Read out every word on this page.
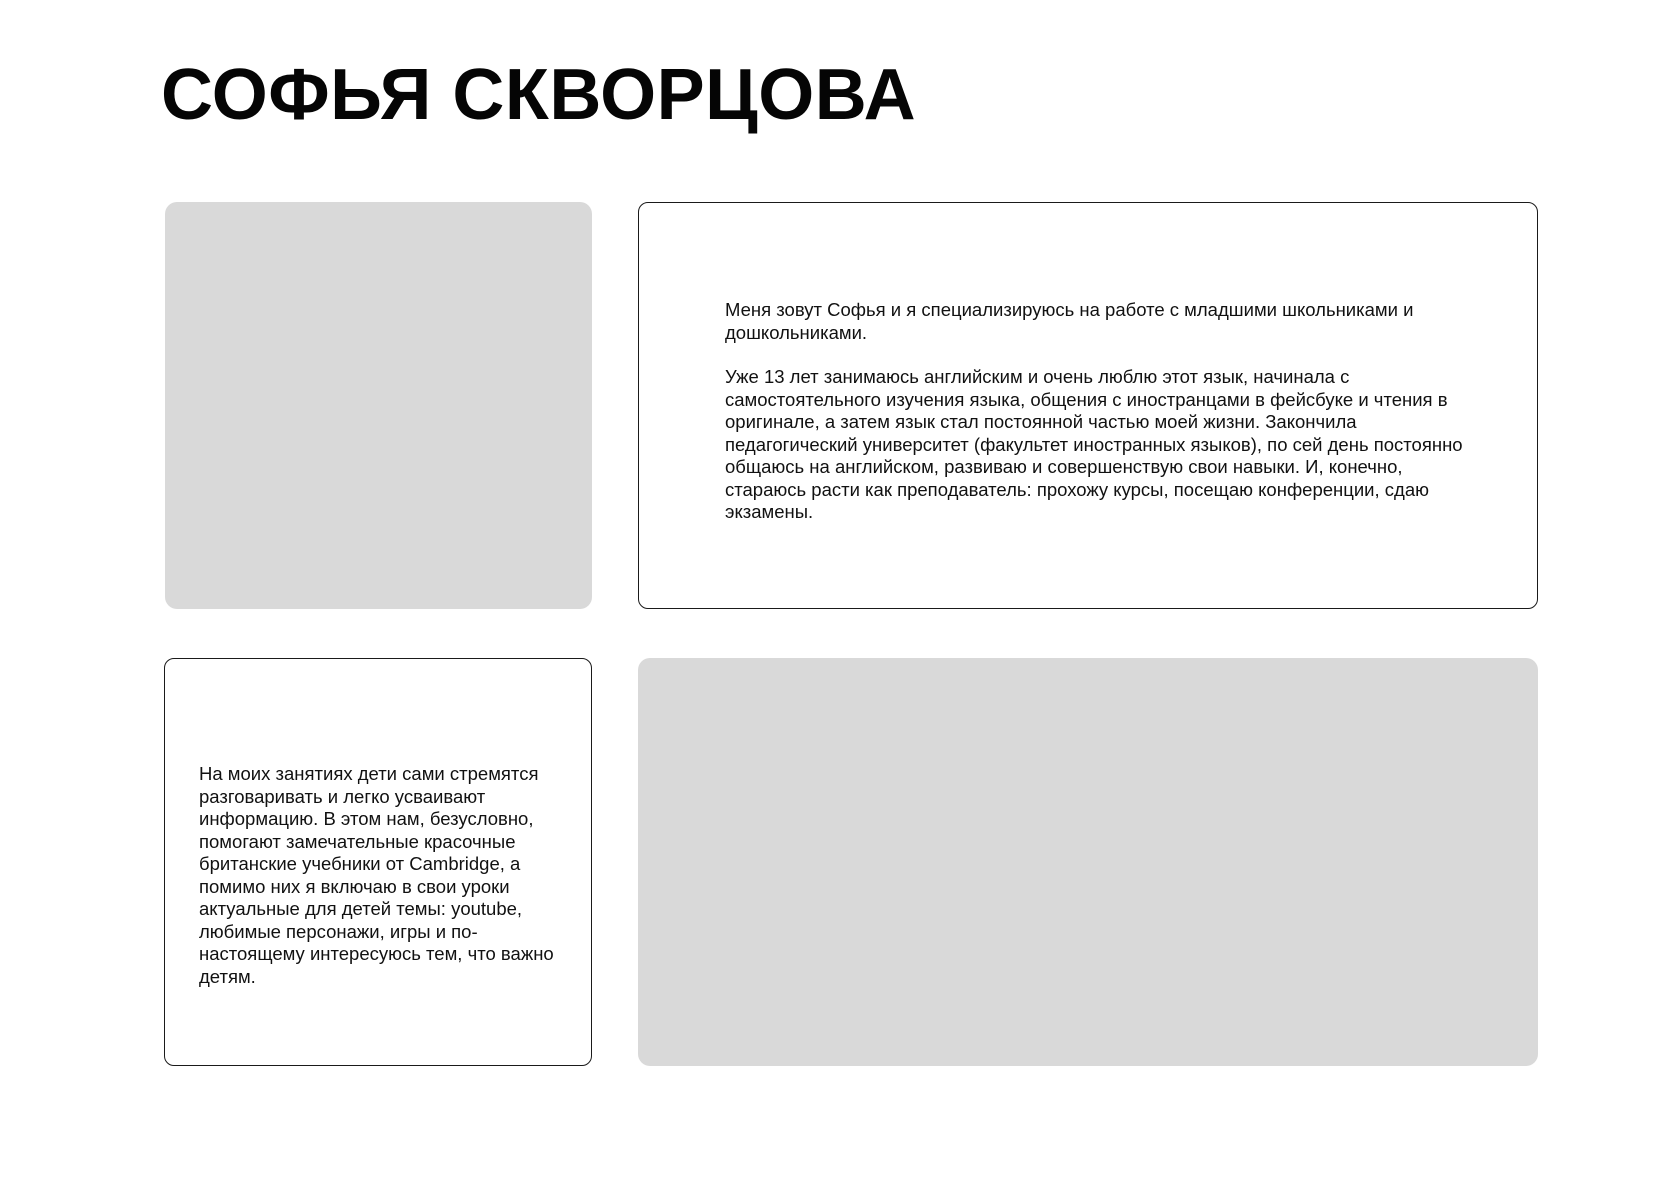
СОФЬЯ СКВОРЦОВА

Меня зовут Софья и я специализируюсь на работе с младшими школьниками и дошкольниками.

Уже 13 лет занимаюсь английским и очень люблю этот язык, начинала с самостоятельного изучения языка, общения с иностранцами в фейсбуке и чтения в оригинале, а затем язык стал постоянной частью моей жизни. Закончила педагогический университет (факультет иностранных языков), по сей день постоянно общаюсь на английском, развиваю и совершенствую свои навыки. И, конечно, стараюсь расти как преподаватель: прохожу курсы, посещаю конференции, сдаю экзамены.

На моих занятиях дети сами стремятся разговаривать и легко усваивают информацию. В этом нам, безусловно, помогают замечательные красочные британские учебники от Cambridge, а помимо них я включаю в свои уроки актуальные для детей темы: youtube, любимые персонажи, игры и по-настоящему интересуюсь тем, что важно детям.
